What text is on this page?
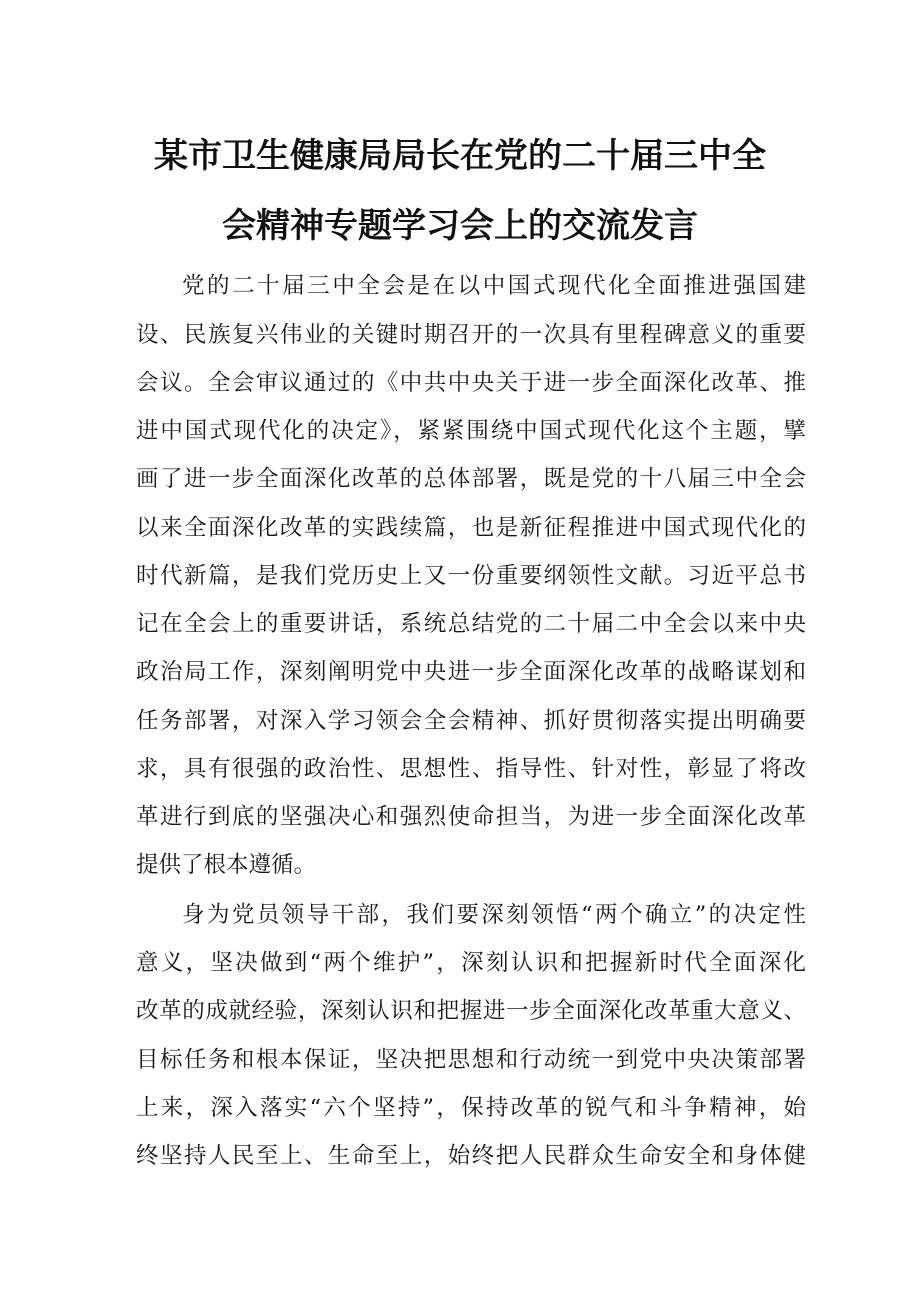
某市卫生健康局局长在党的二十届三中全
会精神专题学习会上的交流发言

党的二十届三中全会是在以中国式现代化全面推进强国建

设、民族复兴伟业的关键时期召开的一次具有里程碑意义的重要

会议。全会审议通过的《中共中央关于进一步全面深化改革、推

进中国式现代化的决定》，紧紧围绕中国式现代化这个主题，擘

画了进一步全面深化改革的总体部署，既是党的十八届三中全会

以来全面深化改革的实践续篇，也是新征程推进中国式现代化的

时代新篇，是我们党历史上又一份重要纲领性文献。习近平总书

记在全会上的重要讲话，系统总结党的二十届二中全会以来中央

政治局工作，深刻阐明党中央进一步全面深化改革的战略谋划和

任务部署，对深入学习领会全会精神、抓好贯彻落实提出明确要

求，具有很强的政治性、思想性、指导性、针对性，彰显了将改

革进行到底的坚强决心和强烈使命担当，为进一步全面深化改革

提供了根本遵循。

身为党员领导干部，我们要深刻领悟“两个确立”的决定性

意义，坚决做到“两个维护”，深刻认识和把握新时代全面深化

改革的成就经验，深刻认识和把握进一步全面深化改革重大意义、

目标任务和根本保证，坚决把思想和行动统一到党中央决策部署

上来，深入落实“六个坚持”，保持改革的锐气和斗争精神，始

终坚持人民至上、生命至上，始终把人民群众生命安全和身体健
